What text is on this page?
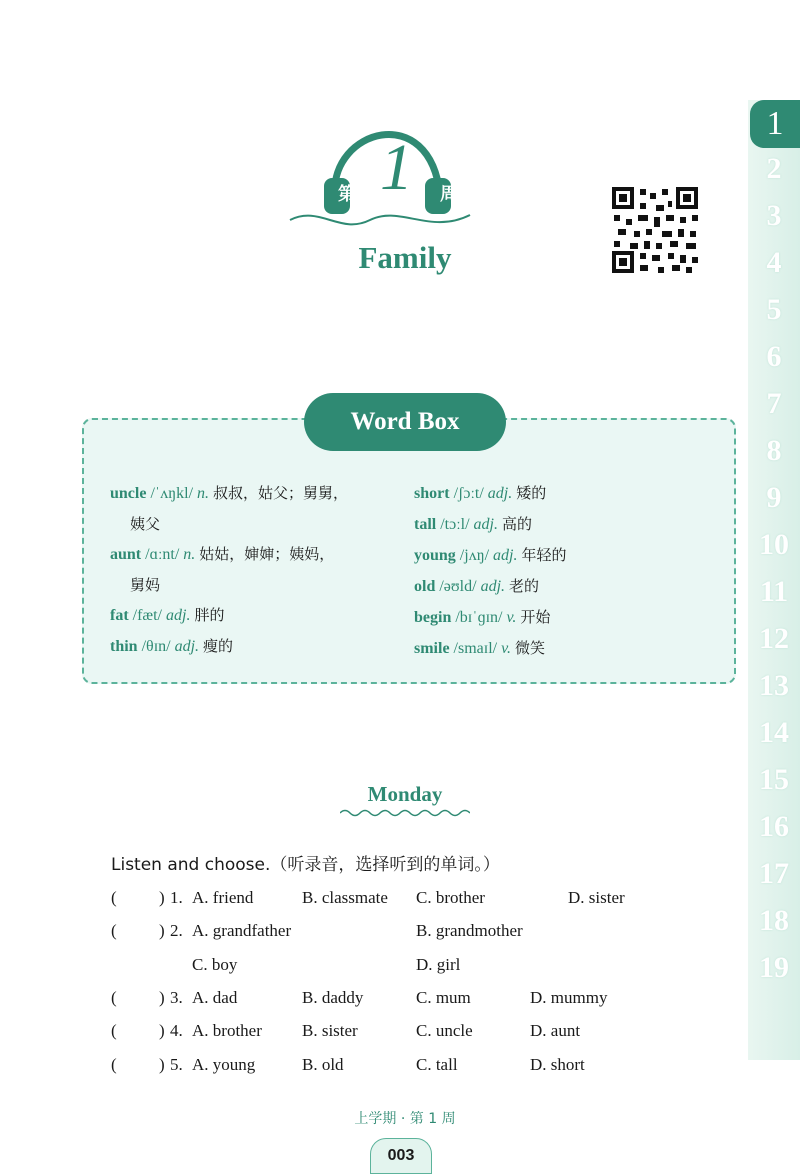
1
2
3
4
5
6
7
8
9
10
11
12
13
14
15
16
17
18
19
第 1 周
Family
Word Box
uncle /ˈʌŋkl/ n. 叔叔，姑父；舅舅，
姨父
aunt /ɑːnt/ n. 姑姑，婶婶；姨妈，
舅妈
fat /fæt/ adj. 胖的
thin /θɪn/ adj. 瘦的
short /ʃɔːt/ adj. 矮的
tall /tɔːl/ adj. 高的
young /jʌŋ/ adj. 年轻的
old /əʊld/ adj. 老的
begin /bɪˈɡɪn/ v. 开始
smile /smaɪl/ v. 微笑
Monday
Listen and choose.（听录音，选择听到的单词。）
( ) 1. A. friend	B. classmate C. brother	D. sister
( ) 2. A. grandfather	B. grandmother
C. boy	D. girl
( ) 3. A. dad	B. daddy	C. mum	D. mummy
( ) 4. A. brother B. sister	C. uncle	D. aunt
( ) 5. A. young	B. old	C. tall	D. short
上学期 · 第 1 周
003
